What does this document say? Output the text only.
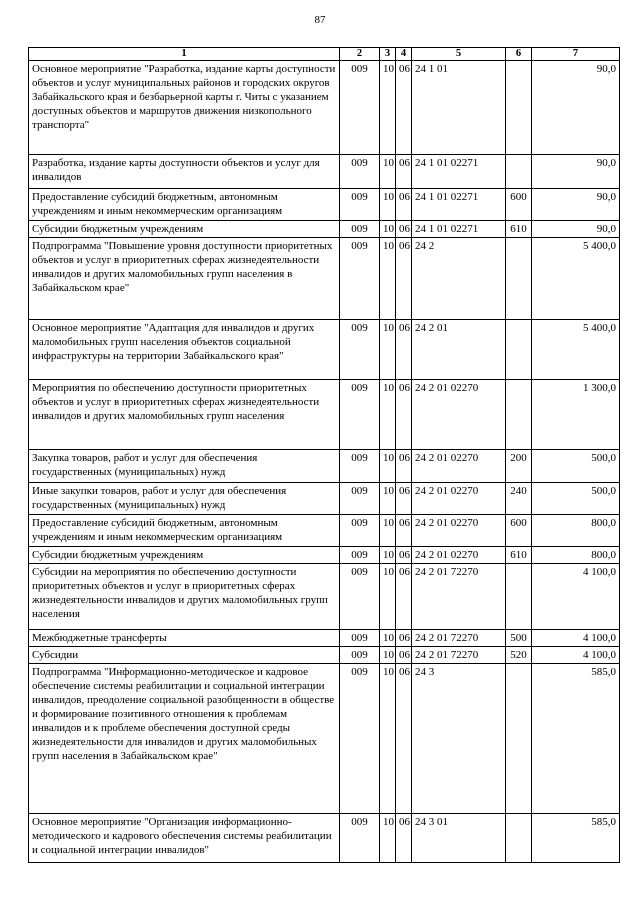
87
1	2	3	4	5	6	7
Основное мероприятие "Разработка, издание карты доступности объектов и услуг муниципальных районов и городских округов Забайкальского края и безбарьерной карты г. Читы с указанием доступных объектов и маршрутов движения низкопольного транспорта"	009	10	06	24 1 01		90,0
Разработка, издание карты доступности объектов и услуг для инвалидов	009	10	06	24 1 01 02271		90,0
Предоставление субсидий бюджетным, автономным учреждениям и иным некоммерческим организациям	009	10	06	24 1 01 02271	600	90,0
Субсидии бюджетным учреждениям	009	10	06	24 1 01 02271	610	90,0
Подпрограмма "Повышение уровня доступности приоритетных объектов и услуг в приоритетных сферах жизнедеятельности инвалидов и других маломобильных групп населения в Забайкальском крае"	009	10	06	24 2		5 400,0
Основное мероприятие "Адаптация для инвалидов и других маломобильных групп населения объектов социальной инфраструктуры на территории Забайкальского края"	009	10	06	24 2 01		5 400,0
Мероприятия по обеспечению доступности приоритетных объектов и услуг в приоритетных сферах жизнедеятельности инвалидов и других маломобильных групп населения	009	10	06	24 2 01 02270		1 300,0
Закупка товаров, работ и услуг для обеспечения государственных (муниципальных) нужд	009	10	06	24 2 01 02270	200	500,0
Иные закупки товаров, работ и услуг для обеспечения государственных (муниципальных) нужд	009	10	06	24 2 01 02270	240	500,0
Предоставление субсидий бюджетным, автономным учреждениям и иным некоммерческим организациям	009	10	06	24 2 01 02270	600	800,0
Субсидии бюджетным учреждениям	009	10	06	24 2 01 02270	610	800,0
Субсидии на мероприятия по обеспечению доступности приоритетных объектов и услуг в приоритетных сферах жизнедеятельности инвалидов и других маломобильных групп населения	009	10	06	24 2 01 72270		4 100,0
Межбюджетные трансферты	009	10	06	24 2 01 72270	500	4 100,0
Субсидии	009	10	06	24 2 01 72270	520	4 100,0
Подпрограмма "Информационно-методическое и кадровое обеспечение системы реабилитации и социальной интеграции инвалидов, преодоление социальной разобщенности в обществе и формирование позитивного отношения к проблемам инвалидов и к проблеме обеспечения доступной среды жизнедеятельности для инвалидов и других маломобильных групп населения в Забайкальском крае"	009	10	06	24 3		585,0
Основное мероприятие "Организация информационно-методического и кадрового обеспечения системы реабилитации и социальной интеграции инвалидов"	009	10	06	24 3 01		585,0
